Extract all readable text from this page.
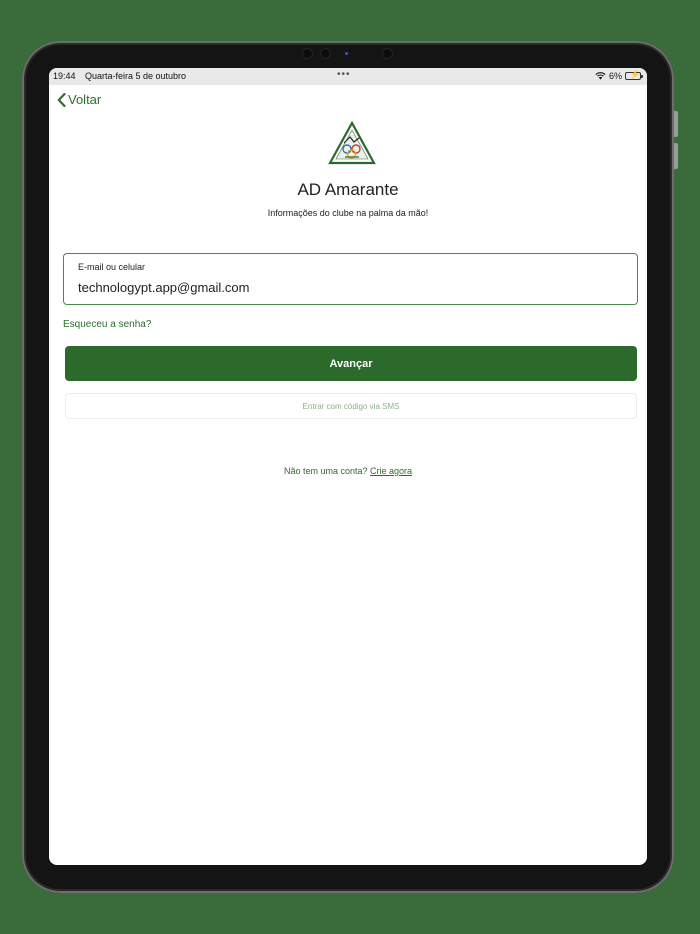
19:44 Quarta-feira 5 de outubro	•••	6% ⚡
Voltar
AD Amarante
Informações do clube na palma da mão!
E-mail ou celular
technologypt.app@gmail.com
Esqueceu a senha?
Avançar
Entrar com código via SMS
Não tem uma conta? Crie agora
